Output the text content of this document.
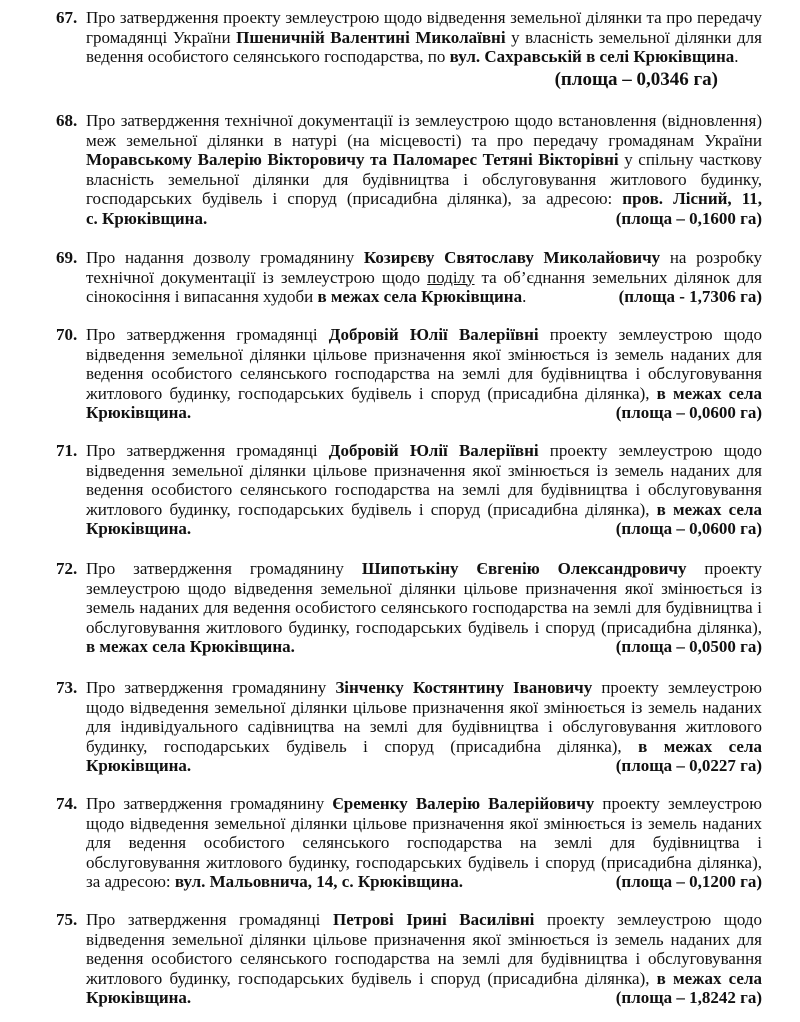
67. Про затвердження проекту землеустрою щодо відведення земельної ділянки та про передачу
громадянці України Пшеничній Валентині Миколаївні у власність земельної ділянки для
ведення особистого селянського господарства, по вул. Сахравській в селі Крюківщина.
(площа – 0,0346 га)
68. Про затвердження технічної документації із землеустрою щодо встановлення (відновлення)
меж земельної ділянки в натурі (на місцевості) та про передачу громадянам України
Моравському Валерію Вікторовичу та Паломарес Тетяні Вікторівні у спільну часткову
власність земельної ділянки для будівництва і обслуговування житлового будинку,
господарських будівель і споруд (присадибна ділянка), за адресою: пров. Лісний, 11,
с. Крюківщина.	(площа – 0,1600 га)
69. Про надання дозволу громадянину Козирєву Святославу Миколайовичу на розробку
технічної документації із землеустрою щодо поділу та об’єднання земельних ділянок для
сінокосіння і випасання худоби в межах села Крюківщина.	(площа - 1,7306 га)
70. Про затвердження громадянці Добровій Юлії Валеріївні проекту землеустрою щодо
відведення земельної ділянки цільове призначення якої змінюється із земель наданих для
ведення особистого селянського господарства на землі для будівництва і обслуговування
житлового будинку, господарських будівель і споруд (присадибна ділянка), в межах села
Крюківщина.	(площа – 0,0600 га)
71. Про затвердження громадянці Добровій Юлії Валеріївні проекту землеустрою щодо
відведення земельної ділянки цільове призначення якої змінюється із земель наданих для
ведення особистого селянського господарства на землі для будівництва і обслуговування
житлового будинку, господарських будівель і споруд (присадибна ділянка), в межах села
Крюківщина.	(площа – 0,0600 га)
72. Про затвердження громадянину Шипотькіну Євгенію Олександровичу проекту
землеустрою щодо відведення земельної ділянки цільове призначення якої змінюється із
земель наданих для ведення особистого селянського господарства на землі для будівництва і
обслуговування житлового будинку, господарських будівель і споруд (присадибна ділянка),
в межах села Крюківщина.	(площа – 0,0500 га)
73. Про затвердження громадянину Зінченку Костянтину Івановичу проекту землеустрою
щодо відведення земельної ділянки цільове призначення якої змінюється із земель наданих
для індивідуального садівництва на землі для будівництва і обслуговування житлового
будинку, господарських будівель і споруд (присадибна ділянка), в межах села
Крюківщина.	(площа – 0,0227 га)
74. Про затвердження громадянину Єременку Валерію Валерійовичу проекту землеустрою
щодо відведення земельної ділянки цільове призначення якої змінюється із земель наданих
для ведення особистого селянського господарства на землі для будівництва і
обслуговування житлового будинку, господарських будівель і споруд (присадибна ділянка),
за адресою: вул. Мальовнича, 14, с. Крюківщина.	(площа – 0,1200 га)
75. Про затвердження громадянці Петрові Ірині Василівні проекту землеустрою щодо
відведення земельної ділянки цільове призначення якої змінюється із земель наданих для
ведення особистого селянського господарства на землі для будівництва і обслуговування
житлового будинку, господарських будівель і споруд (присадибна ділянка), в межах села
Крюківщина.	(площа – 1,8242 га)
